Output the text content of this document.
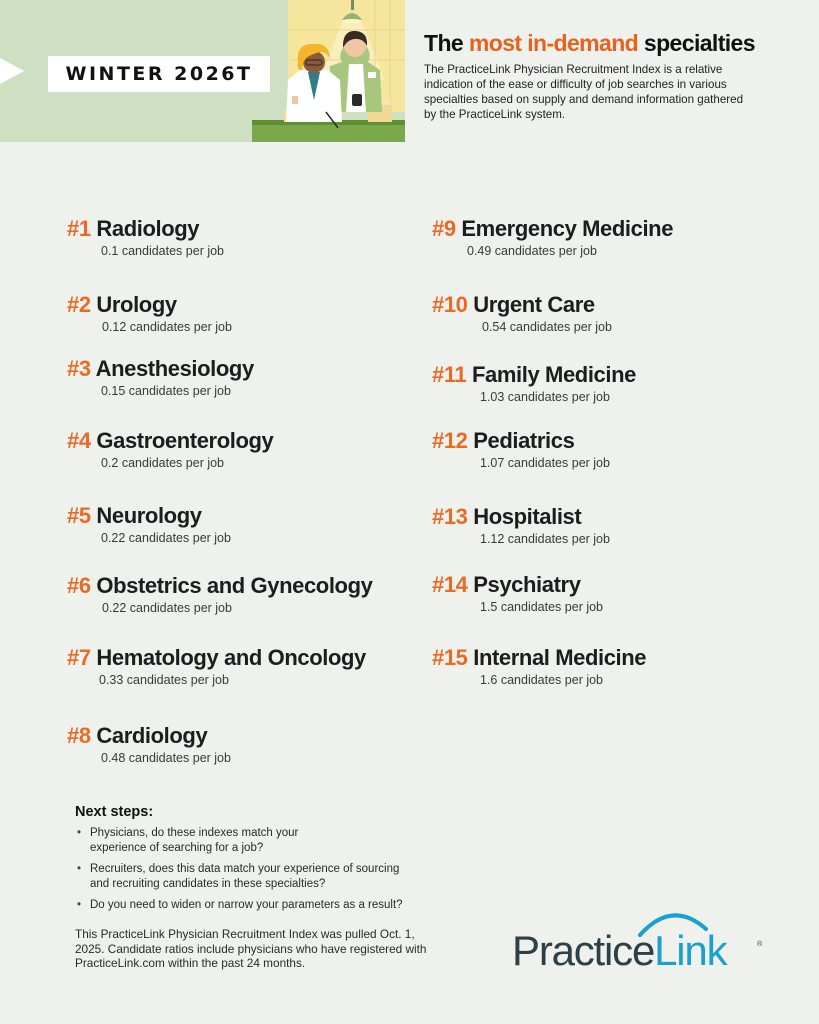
WINTER 2026T
The most in-demand specialties
The PracticeLink Physician Recruitment Index is a relative indication of the ease or difficulty of job searches in various specialties based on supply and demand information gathered by the PracticeLink system.
#1 Radiology
0.1 candidates per job
#2 Urology
0.12 candidates per job
#3 Anesthesiology
0.15 candidates per job
#4 Gastroenterology
0.2 candidates per job
#5 Neurology
0.22 candidates per job
#6 Obstetrics and Gynecology
0.22 candidates per job
#7 Hematology and Oncology
0.33 candidates per job
#8 Cardiology
0.48 candidates per job
#9 Emergency Medicine
0.49 candidates per job
#10 Urgent Care
0.54 candidates per job
#11 Family Medicine
1.03 candidates per job
#12 Pediatrics
1.07 candidates per job
#13 Hospitalist
1.12 candidates per job
#14 Psychiatry
1.5 candidates per job
#15 Internal Medicine
1.6 candidates per job
Next steps:
• Physicians, do these indexes match your experience of searching for a job?
• Recruiters, does this data match your experience of sourcing and recruiting candidates in these specialties?
• Do you need to widen or narrow your parameters as a result?
This PracticeLink Physician Recruitment Index was pulled Oct. 1, 2025. Candidate ratios include physicians who have registered with PracticeLink.com within the past 24 months.	PracticeLink	®
